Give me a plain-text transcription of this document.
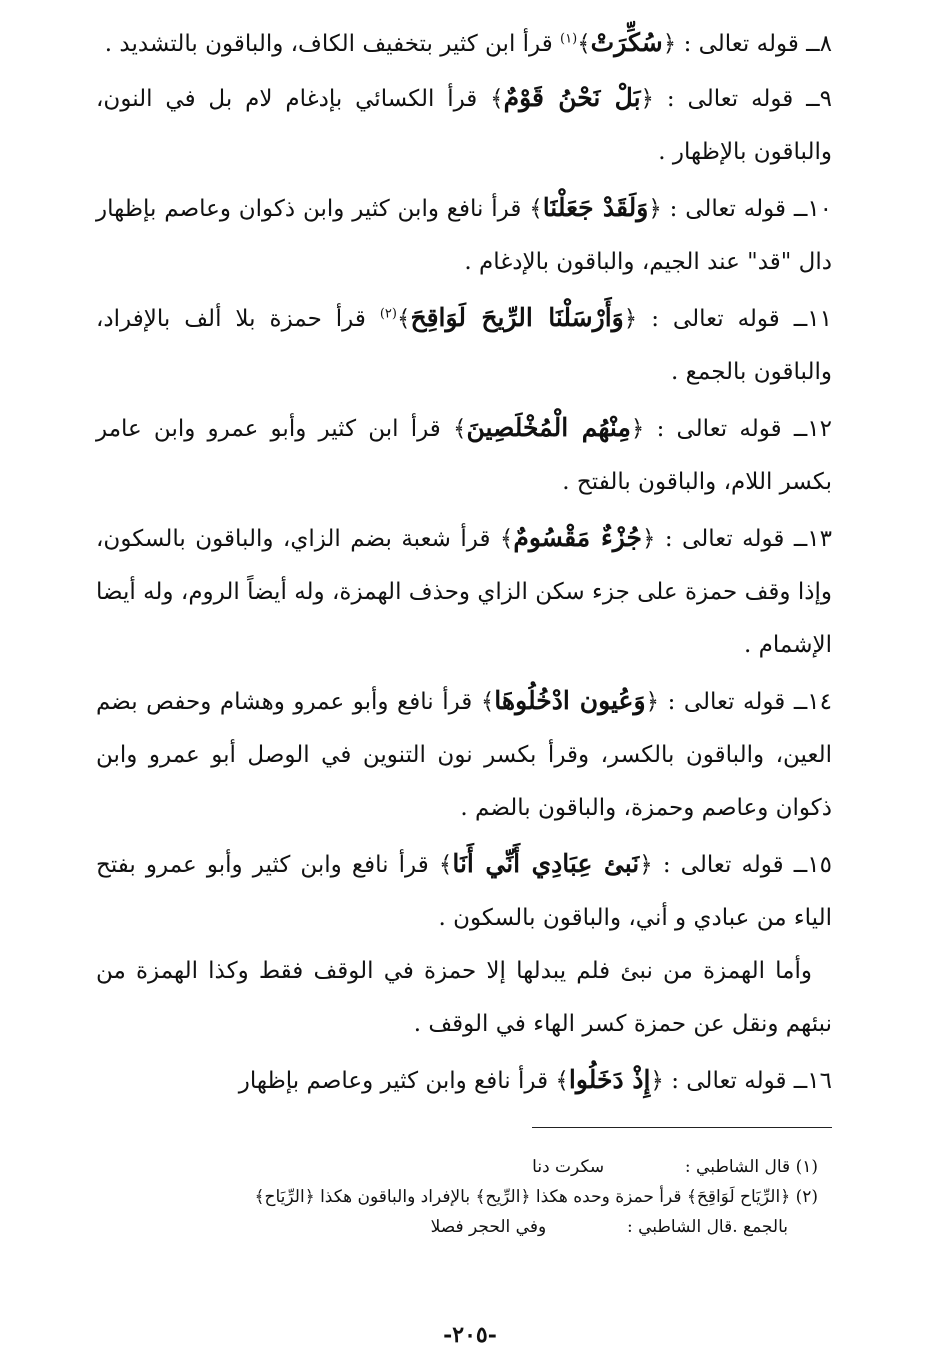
٨ــ قوله تعالى : ﴿سُكِّرَتْ﴾$^{(١)}$ قرأ ابن كثير بتخفيف الكاف، والباقون بالتشديد .

٩ــ قوله تعالى : ﴿بَلْ نَحْنُ قَوْمٌ﴾ قرأ الكسائي بإدغام لام بل في النون، والباقون بالإظهار .

١٠ــ قوله تعالى : ﴿وَلَقَدْ جَعَلْنَا﴾ قرأ نافع وابن كثير وابن ذكوان وعاصم بإظهار دال "قد" عند الجيم، والباقون بالإدغام .

١١ــ قوله تعالى : ﴿وَأَرْسَلْنَا الرِّيحَ لَوَاقِحَ﴾$^{(٢)}$ قرأ حمزة بلا ألف بالإفراد، والباقون بالجمع .

١٢ــ قوله تعالى : ﴿مِنْهُم الْمُخْلَصِينَ﴾ قرأ ابن كثير وأبو عمرو وابن عامر بكسر اللام، والباقون بالفتح .

١٣ــ قوله تعالى : ﴿جُزْءٌ مَقْسُومٌ﴾ قرأ شعبة بضم الزاي، والباقون بالسكون، وإذا وقف حمزة على جزء سكن الزاي وحذف الهمزة، وله أيضاً الروم، وله أيضا الإشمام .

١٤ــ قوله تعالى : ﴿وَعُيون ادْخُلُوهَا﴾ قرأ نافع وأبو عمرو وهشام وحفص بضم العين، والباقون بالكسر، وقرأ بكسر نون التنوين في الوصل أبو عمرو وابن ذكوان وعاصم وحمزة، والباقون بالضم .

١٥ــ قوله تعالى : ﴿نَبئ عِبَادِي أَنِّي أَنَا﴾ قرأ نافع وابن كثير وأبو عمرو بفتح الياء من عبادي و أني، والباقون بالسكون .

وأما الهمزة من نبئ فلم يبدلها إلا حمزة في الوقف فقط وكذا الهمزة من نبئهم ونقل عن حمزة كسر الهاء في الوقف .

١٦ــ قوله تعالى : ﴿إِذْ دَخَلُوا﴾ قرأ نافع وابن كثير وعاصم بإظهار

(١) قال الشاطبي :  سكرت دنا

(٢) ﴿الرِّيَاح لَوَاقِحَ﴾ قرأ حمزة وحده هكذا ﴿الرِّيح﴾ بالإفراد والباقون هكذا ﴿الرِّيَاح﴾

بالجمع .قال الشاطبي :  وفي الحجر فصلا

-٢٠٥-
